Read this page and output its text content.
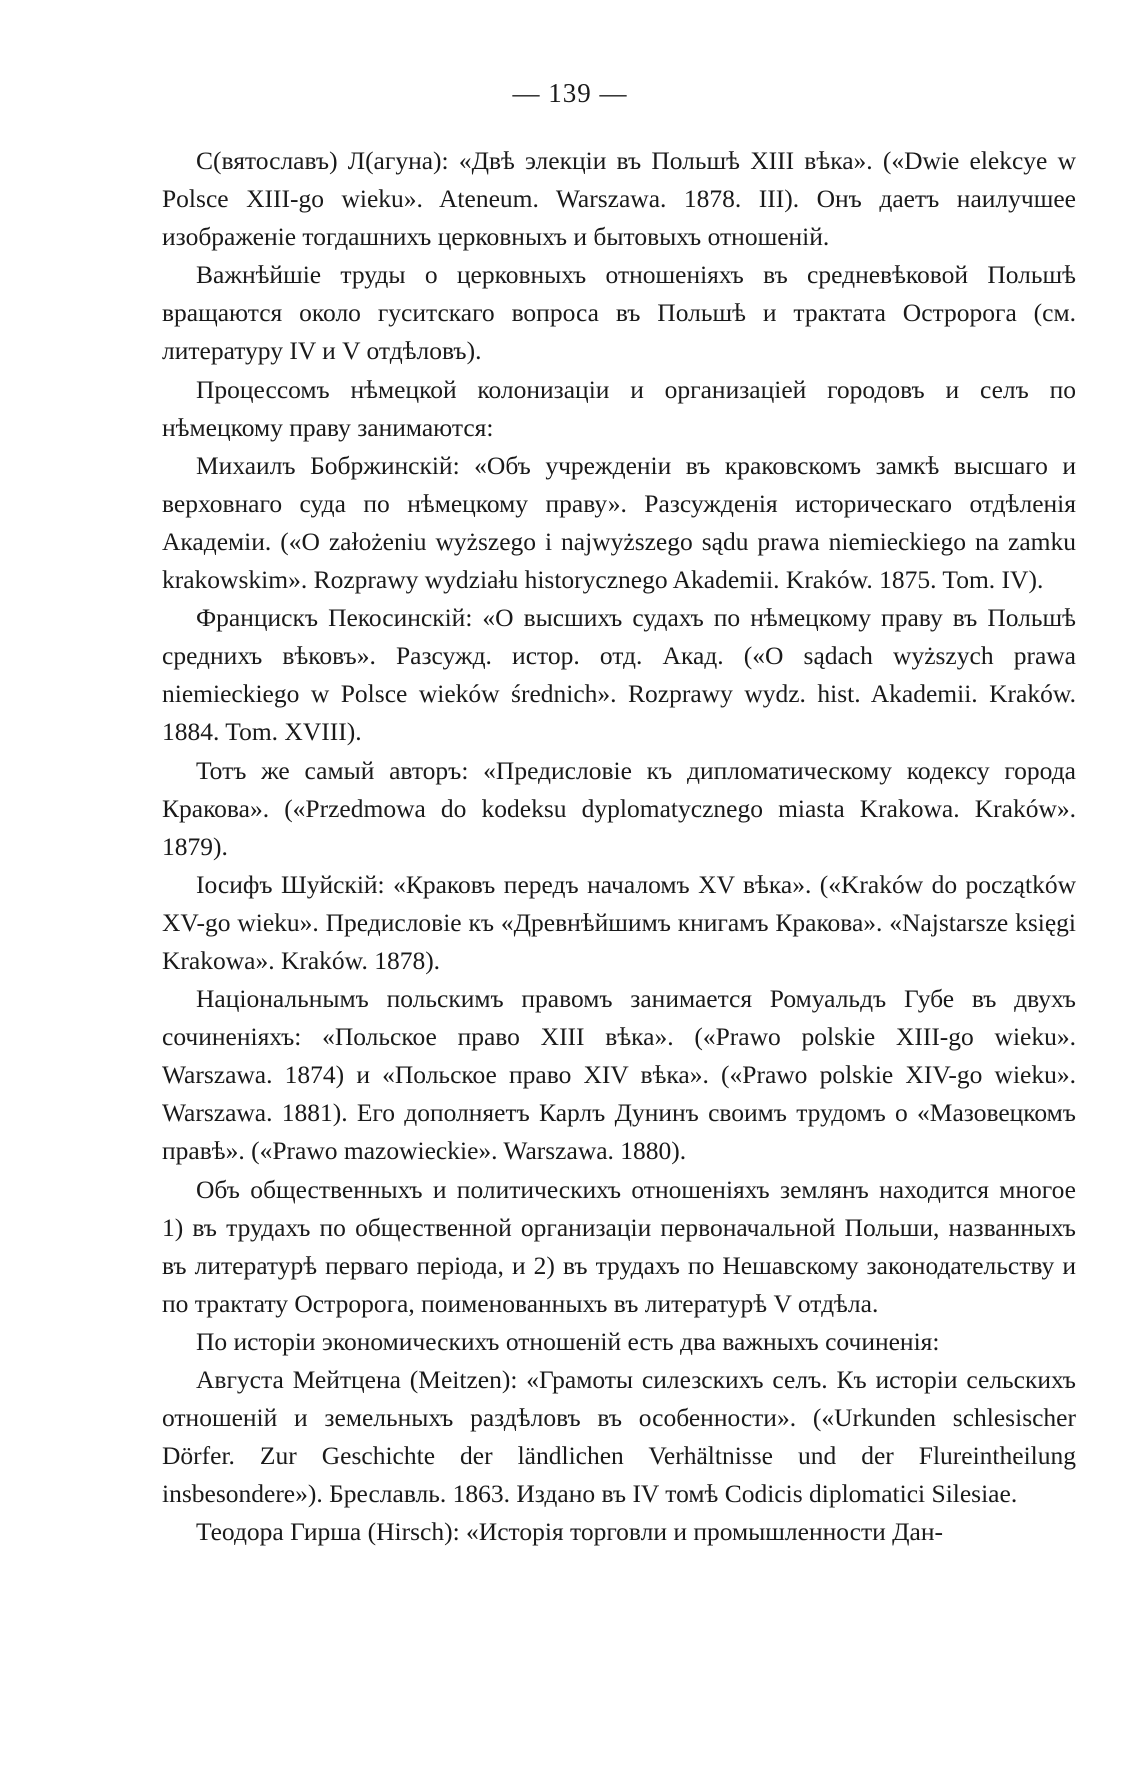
— 139 —

С(вятославъ) Л(агуна): «Двѣ элекціи въ Польшѣ XIII вѣка». («Dwie elekcye w Polsce XIII-go wieku». Ateneum. Warszawa. 1878. III). Онъ даетъ наилучшее изображеніе тогдашнихъ церковныхъ и бытовыхъ отношеній.

Важнѣйшіе труды о церковныхъ отношеніяхъ въ средневѣковой Польшѣ вращаются около гуситскаго вопроса въ Польшѣ и трактата Остророга (см. литературу IV и V отдѣловъ).

Процессомъ нѣмецкой колонизаціи и организаціей городовъ и селъ по нѣмецкому праву занимаются:

Михаилъ Бобржинскій: «Объ учрежденіи въ краковскомъ замкѣ высшаго и верховнаго суда по нѣмецкому праву». Разсужденія историческаго отдѣленія Академіи. («O założeniu wyższego i najwyższego sądu prawa niemieckiego na zamku krakowskim». Rozprawy wydziału historycznego Akademii. Kraków. 1875. Tom. IV).

Францискъ Пекосинскій: «О высшихъ судахъ по нѣмецкому праву въ Польшѣ среднихъ вѣковъ». Разсужд. истор. отд. Акад. («O sądach wyższych prawa niemieckiego w Polsce wieków średnich». Rozprawy wydz. hist. Akademii. Kraków. 1884. Tom. XVIII).

Тотъ же самый авторъ: «Предисловіе къ дипломатическому кодексу города Кракова». («Przedmowa do kodeksu dyplomatycznego miasta Krakowa. Kraków». 1879).

Іосифъ Шуйскій: «Краковъ передъ началомъ XV вѣка». («Kraków do początków XV-go wieku». Предисловіе къ «Древнѣйшимъ книгамъ Кракова». «Najstarsze księgi Krakowa». Kraków. 1878).

Національнымъ польскимъ правомъ занимается Ромуальдъ Губе въ двухъ сочиненіяхъ: «Польское право XIII вѣка». («Prawo polskie XIII-go wieku». Warszawa. 1874) и «Польское право XIV вѣка». («Prawo polskie XIV-go wieku». Warszawa. 1881). Его дополняетъ Карлъ Дунинъ своимъ трудомъ о «Мазовецкомъ правѣ». («Prawo mazowieckie». Warszawa. 1880).

Объ общественныхъ и политическихъ отношеніяхъ землянъ находится многое 1) въ трудахъ по общественной организаціи первоначальной Польши, названныхъ въ литературѣ перваго періода, и 2) въ трудахъ по Нешавскому законодательству и по трактату Остророга, поименованныхъ въ литературѣ V отдѣла.

По исторіи экономическихъ отношеній есть два важныхъ сочиненія:

Августа Мейтцена (Meitzen): «Грамоты силезскихъ селъ. Къ исторіи сельскихъ отношеній и земельныхъ раздѣловъ въ особенности». («Urkunden schlesischer Dörfer. Zur Geschichte der ländlichen Verhältnisse und der Flureintheilung insbesondere»). Бреславль. 1863. Издано въ IV томѣ Codicis diplomatici Silesiae.

Теодора Гирша (Hirsch): «Исторія торговли и промышленности Дан-
